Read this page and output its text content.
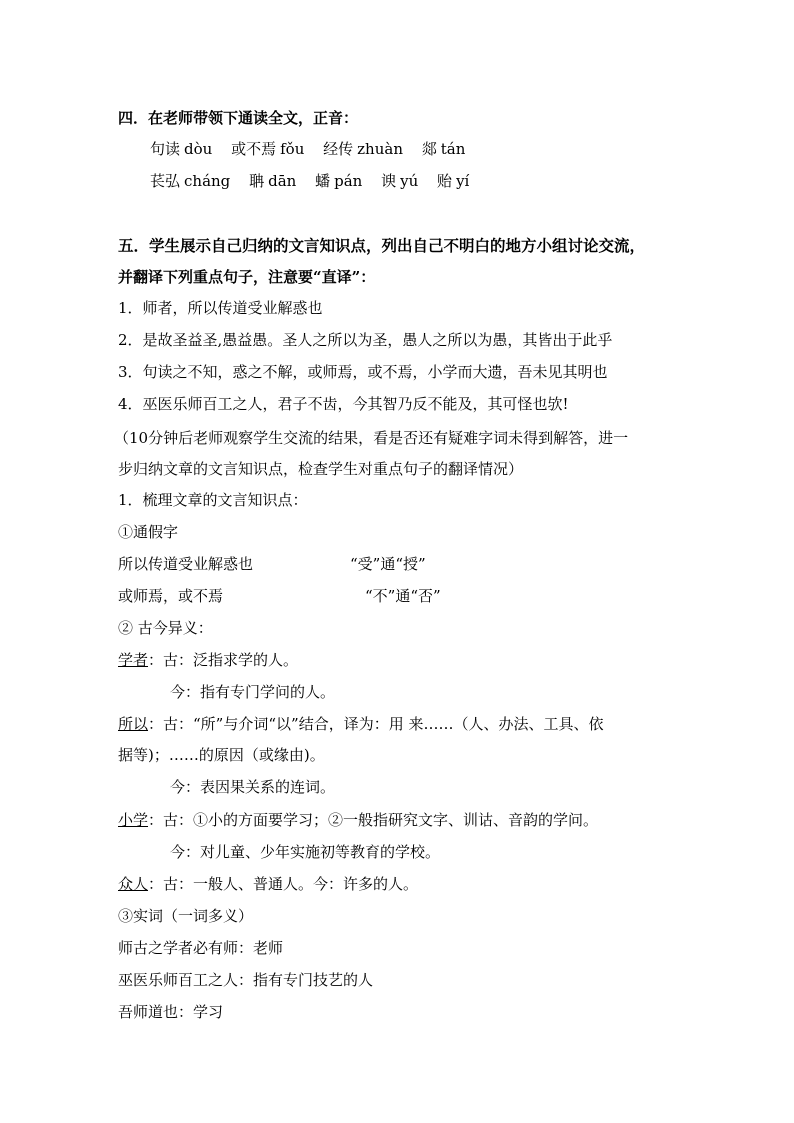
四．在老师带领下通读全文，正音：
句读 dòu 或不焉 fǒu 经传 zhuàn 郯 tán
苌弘 cháng 聃 dān 蟠 pán 谀 yú 贻 yí
五．学生展示自己归纳的文言知识点，列出自己不明白的地方小组讨论交流，
并翻译下列重点句子，注意要“直译”：
1．师者，所以传道受业解惑也
2．是故圣益圣,愚益愚。圣人之所以为圣，愚人之所以为愚，其皆出于此乎
3．句读之不知，惑之不解，或师焉，或不焉，小学而大遗，吾未见其明也
4．巫医乐师百工之人，君子不齿，今其智乃反不能及，其可怪也欤!
（10分钟后老师观察学生交流的结果，看是否还有疑难字词未得到解答，进一
步归纳文章的文言知识点，检查学生对重点句子的翻译情况）
1．梳理文章的文言知识点：
①通假字
所以传道受业解惑也	“受”通“授”
或师焉，或不焉	“不”通“否”
② 古今异义：
学者：古：泛指求学的人。
今：指有专门学问的人。
所以：古：“所”与介词“以”结合，译为：用 来……（人、办法、工具、依
据等)；……的原因（或缘由)。
今：表因果关系的连词。
小学：古：①小的方面要学习；②一般指研究文字、训诂、音韵的学问。
今：对儿童、少年实施初等教育的学校。
众人：古：一般人、普通人。今：许多的人。
③实词（一词多义）
师古之学者必有师：老师
巫医乐师百工之人：指有专门技艺的人
吾师道也：学习
